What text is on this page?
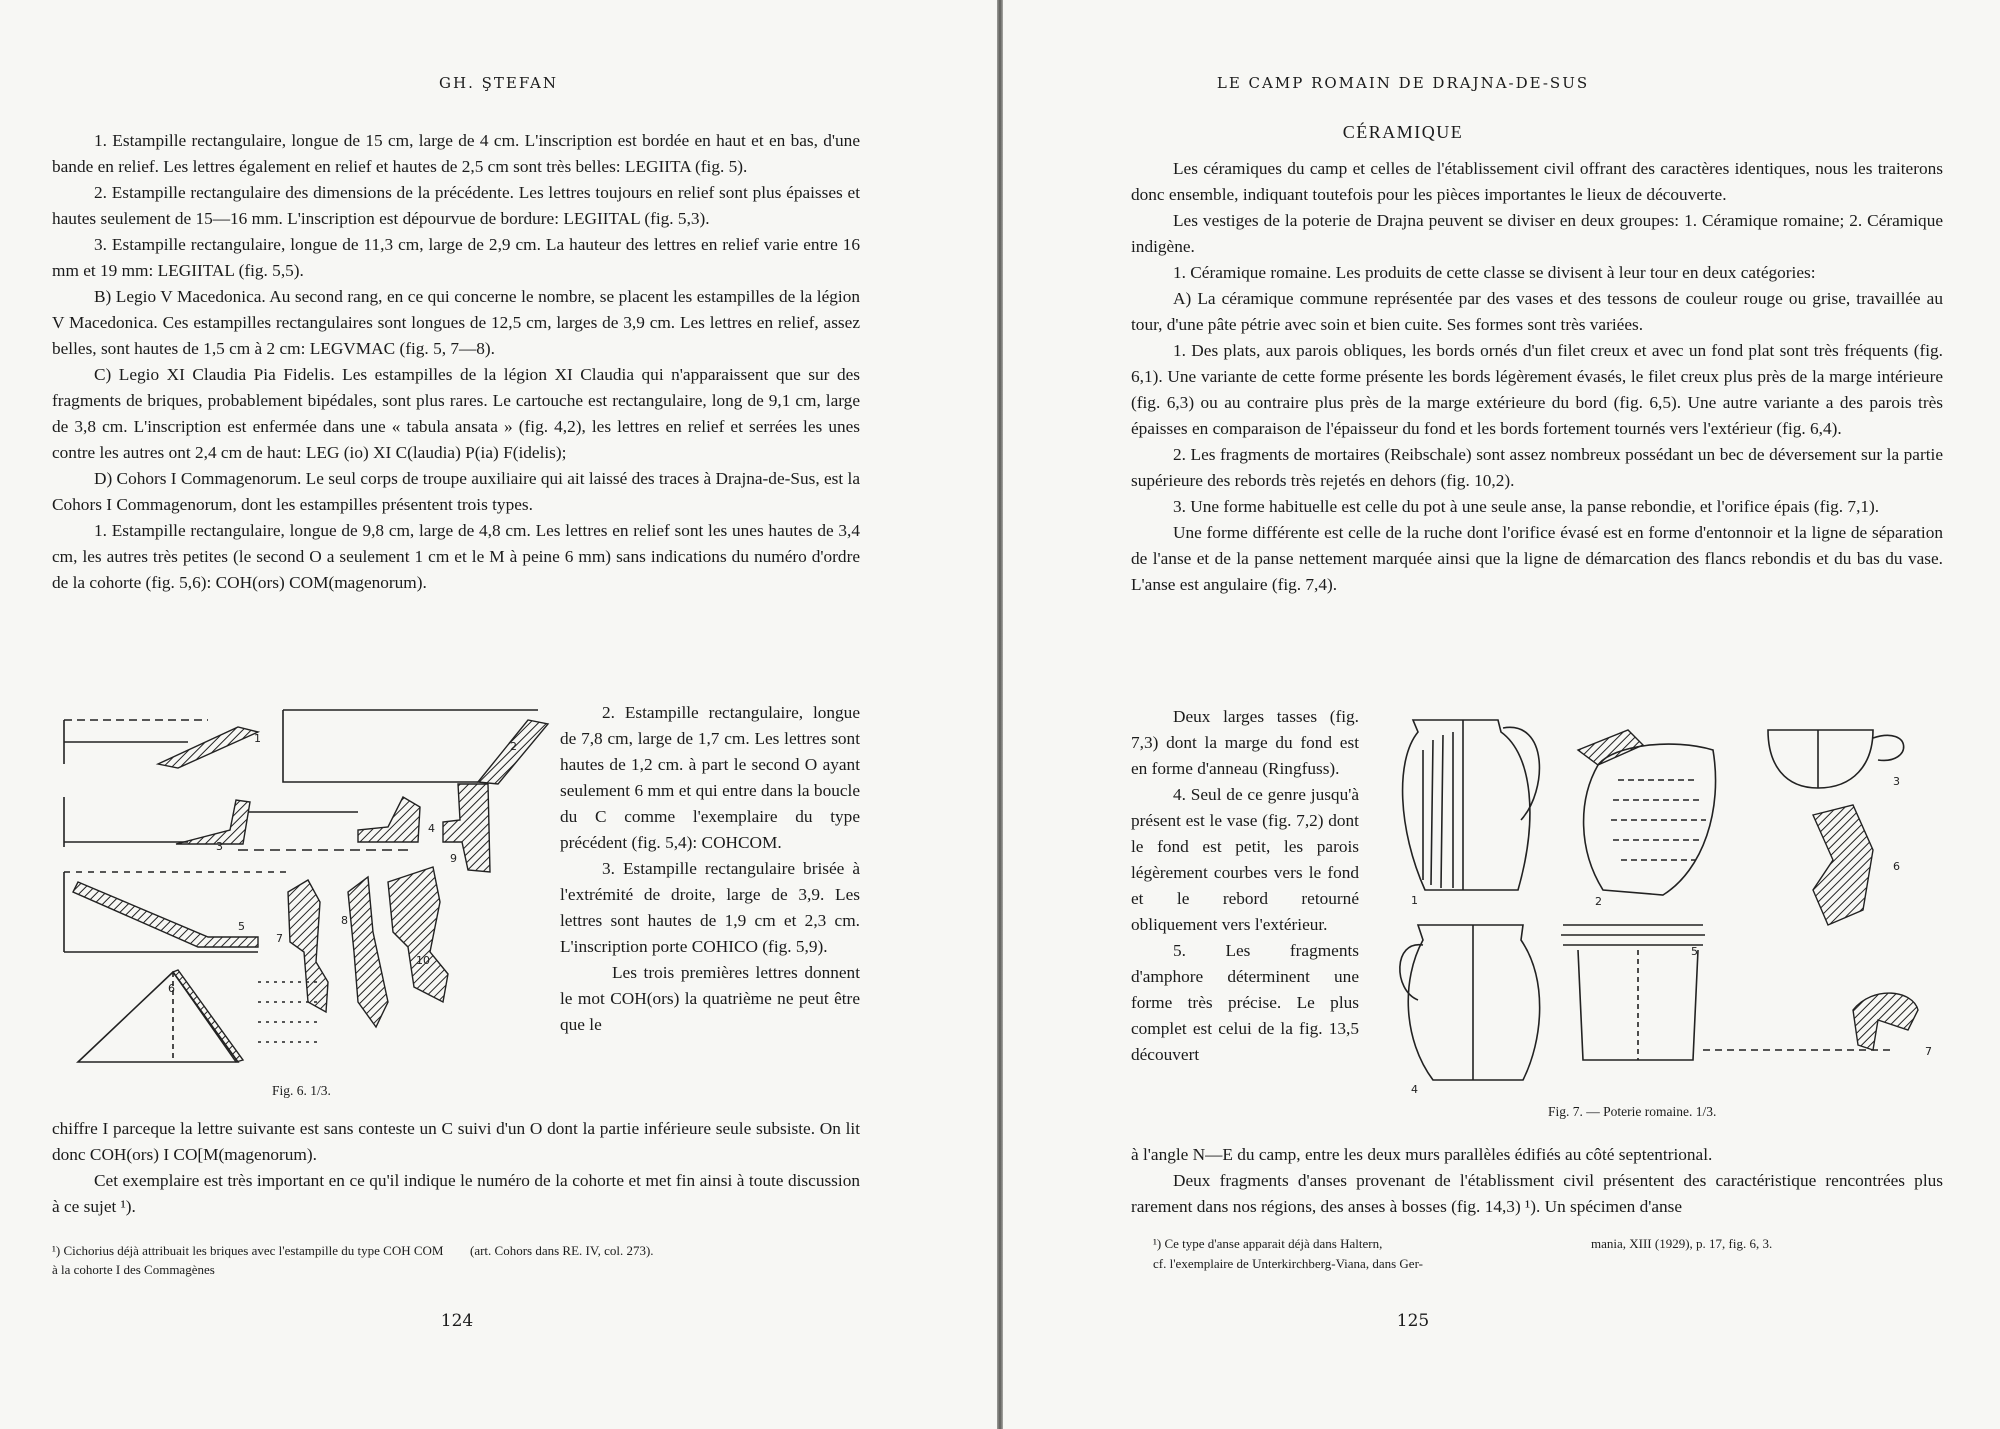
GH. ŞTEFAN

1. Estampille rectangulaire, longue de 15 cm, large de 4 cm. L'inscription est bordée en haut et en bas, d'une bande en relief. Les lettres également en relief et hautes de 2,5 cm sont très belles: LEGIITA (fig. 5).

2. Estampille rectangulaire des dimensions de la précédente. Les lettres toujours en relief sont plus épaisses et hautes seulement de 15—16 mm. L'inscription est dépourvue de bordure: LEGIITAL (fig. 5,3).

3. Estampille rectangulaire, longue de 11,3 cm, large de 2,9 cm. La hauteur des lettres en relief varie entre 16 mm et 19 mm: LEGIITAL (fig. 5,5).

B) Legio V Macedonica. Au second rang, en ce qui concerne le nombre, se placent les estampilles de la légion V Macedonica. Ces estampilles rectangulaires sont longues de 12,5 cm, larges de 3,9 cm. Les lettres en relief, assez belles, sont hautes de 1,5 cm à 2 cm: LEGVMAC (fig. 5, 7—8).

C) Legio XI Claudia Pia Fidelis. Les estampilles de la légion XI Claudia qui n'apparaissent que sur des fragments de briques, probablement bipédales, sont plus rares. Le cartouche est rectangulaire, long de 9,1 cm, large de 3,8 cm. L'inscription est enfermée dans une « tabula ansata » (fig. 4,2), les lettres en relief et serrées les unes contre les autres ont 2,4 cm de haut: LEG (io) XI C(laudia) P(ia) F(idelis);

D) Cohors I Commagenorum. Le seul corps de troupe auxiliaire qui ait laissé des traces à Drajna-de-Sus, est la Cohors I Commagenorum, dont les estampilles présentent trois types.

1. Estampille rectangulaire, longue de 9,8 cm, large de 4,8 cm. Les lettres en relief sont les unes hautes de 3,4 cm, les autres très petites (le second O a seulement 1 cm et le M à peine 6 mm) sans indications du numéro d'ordre de la cohorte (fig. 5,6): COH(ors) COM(magenorum).

1
2
3
4
9
5
7
8
10
6
Fig. 6. 1/3.

2. Estampille rectangulaire, longue de 7,8 cm, large de 1,7 cm. Les lettres sont hautes de 1,2 cm. à part le second O ayant seulement 6 mm et qui entre dans la boucle du C comme l'exemplaire du type précédent (fig. 5,4): COHCOM.

3. Estampille rectangulaire brisée à l'extrémité de droite, large de 3,9. Les lettres sont hautes de 1,9 cm et 2,3 cm. L'inscription porte COHICO (fig. 5,9).

Les trois premières lettres donnent le mot COH(ors) la quatrième ne peut être que le

chiffre I parceque la lettre suivante est sans conteste un C suivi d'un O dont la partie inférieure seule subsiste. On lit donc COH(ors) I CO[M(magenorum).

Cet exemplaire est très important en ce qu'il indique le numéro de la cohorte et met fin ainsi à toute discussion à ce sujet ¹).

¹) Cichorius déjà attribuait les briques avec l'estampille du type COH COM à la cohorte I des Commagènes
(art. Cohors dans RE. IV, col. 273).
124
LE CAMP ROMAIN DE DRAJNA-DE-SUS
CÉRAMIQUE

Les céramiques du camp et celles de l'établissement civil offrant des caractères identiques, nous les traiterons donc ensemble, indiquant toutefois pour les pièces importantes le lieux de découverte.

Les vestiges de la poterie de Drajna peuvent se diviser en deux groupes: 1. Céramique romaine; 2. Céramique indigène.

1. Céramique romaine. Les produits de cette classe se divisent à leur tour en deux catégories:

A) La céramique commune représentée par des vases et des tessons de couleur rouge ou grise, travaillée au tour, d'une pâte pétrie avec soin et bien cuite. Ses formes sont très variées.

1. Des plats, aux parois obliques, les bords ornés d'un filet creux et avec un fond plat sont très fréquents (fig. 6,1). Une variante de cette forme présente les bords légèrement évasés, le filet creux plus près de la marge intérieure (fig. 6,3) ou au contraire plus près de la marge extérieure du bord (fig. 6,5). Une autre variante a des parois très épaisses en comparaison de l'épaisseur du fond et les bords fortement tournés vers l'extérieur (fig. 6,4).

2. Les fragments de mortaires (Reibschale) sont assez nombreux possédant un bec de déversement sur la partie supérieure des rebords très rejetés en dehors (fig. 10,2).

3. Une forme habituelle est celle du pot à une seule anse, la panse rebondie, et l'orifice épais (fig. 7,1).

Une forme différente est celle de la ruche dont l'orifice évasé est en forme d'entonnoir et la ligne de séparation de l'anse et de la panse nettement marquée ainsi que la ligne de démarcation des flancs rebondis et du bas du vase. L'anse est angulaire (fig. 7,4).

Deux larges tasses (fig. 7,3) dont la marge du fond est en forme d'anneau (Ringfuss).

4. Seul de ce genre jusqu'à présent est le vase (fig. 7,2) dont le fond est petit, les parois légèrement courbes vers le fond et le rebord retourné obliquement vers l'extérieur.

5. Les fragments d'amphore déterminent une forme très précise. Le plus complet est celui de la fig. 13,5 découvert

1	2
3
6
4
5
7
Fig. 7. — Poterie romaine. 1/3.

à l'angle N—E du camp, entre les deux murs parallèles édifiés au côté septentrional.

Deux fragments d'anses provenant de l'établissment civil présentent des caractéristique rencontrées plus rarement dans nos régions, des anses à bosses (fig. 14,3) ¹). Un spécimen d'anse

¹) Ce type d'anse apparait déjà dans Haltern,	mania, XIII (1929), p. 17, fig. 6, 3.
cf. l'exemplaire de Unterkirchberg-Viana, dans Ger-
125
